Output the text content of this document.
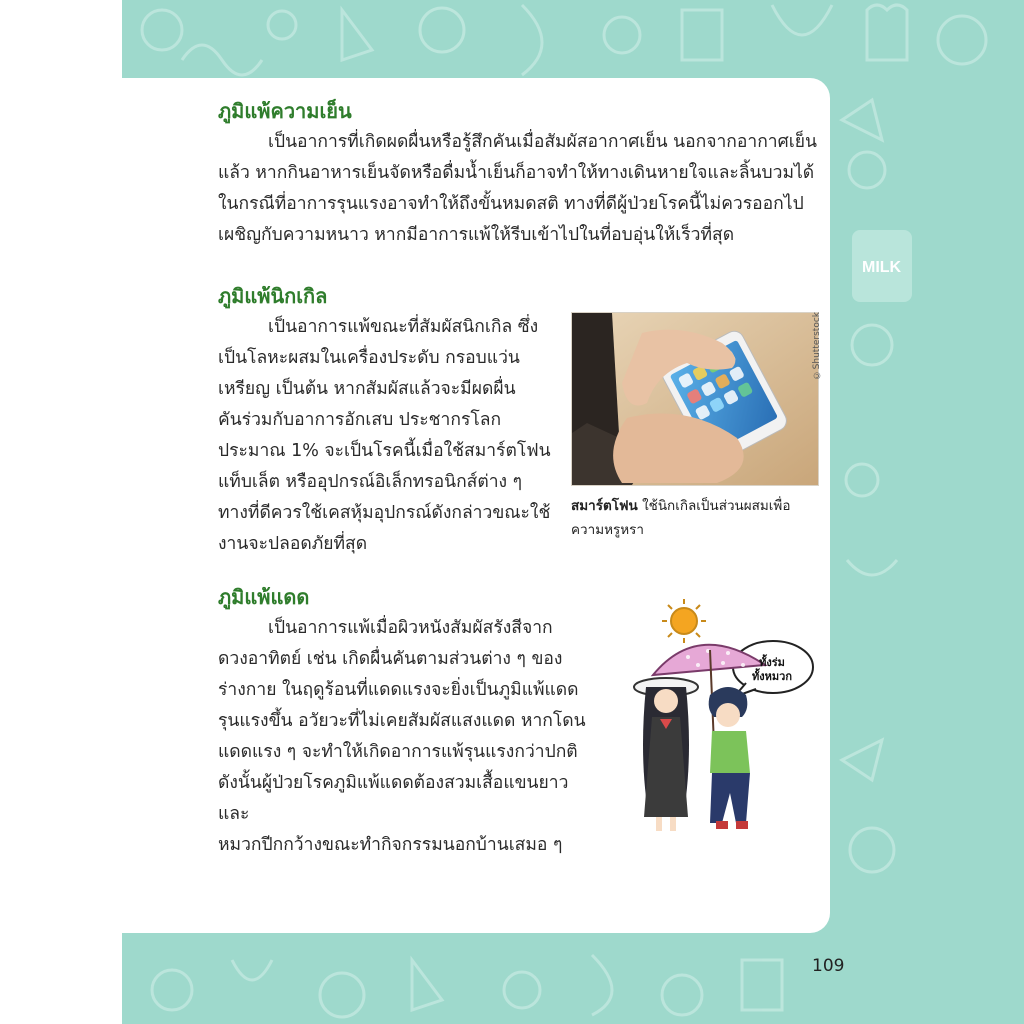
MILK
ภูมิแพ้ความเย็น

เป็นอาการที่เกิดผดผื่นหรือรู้สึกคันเมื่อสัมผัสอากาศเย็น นอกจากอากาศเย็น
แล้ว หากกินอาหารเย็นจัดหรือดื่มน้ำเย็นก็อาจทำให้ทางเดินหายใจและลิ้นบวมได้
ในกรณีที่อาการรุนแรงอาจทำให้ถึงขั้นหมดสติ ทางที่ดีผู้ป่วยโรคนี้ไม่ควรออกไป
เผชิญกับความหนาว หากมีอาการแพ้ให้รีบเข้าไปในที่อบอุ่นให้เร็วที่สุด

ภูมิแพ้นิกเกิล

เป็นอาการแพ้ขณะที่สัมผัสนิกเกิล ซึ่ง
เป็นโลหะผสมในเครื่องประดับ กรอบแว่น
เหรียญ เป็นต้น หากสัมผัสแล้วจะมีผดผื่น
คันร่วมกับอาการอักเสบ ประชากรโลก
ประมาณ 1% จะเป็นโรคนี้เมื่อใช้สมาร์ตโฟน
แท็บเล็ต หรืออุปกรณ์อิเล็กทรอนิกส์ต่าง ๆ
ทางที่ดีควรใช้เคสหุ้มอุปกรณ์ดังกล่าวขณะใช้
งานจะปลอดภัยที่สุด

©Shutterstock
สมาร์ตโฟน ใช้นิกเกิลเป็นส่วนผสมเพื่อ
ความหรูหรา
ภูมิแพ้แดด

เป็นอาการแพ้เมื่อผิวหนังสัมผัสรังสีจาก
ดวงอาทิตย์ เช่น เกิดผื่นคันตามส่วนต่าง ๆ ของ
ร่างกาย ในฤดูร้อนที่แดดแรงจะยิ่งเป็นภูมิแพ้แดด
รุนแรงขึ้น อวัยวะที่ไม่เคยสัมผัสแสงแดด หากโดน
แดดแรง ๆ จะทำให้เกิดอาการแพ้รุนแรงกว่าปกติ
ดังนั้นผู้ป่วยโรคภูมิแพ้แดดต้องสวมเสื้อแขนยาวและ
หมวกปีกกว้างขณะทำกิจกรรมนอกบ้านเสมอ ๆ

ทั้งร่ม
ทั้งหมวก
109
